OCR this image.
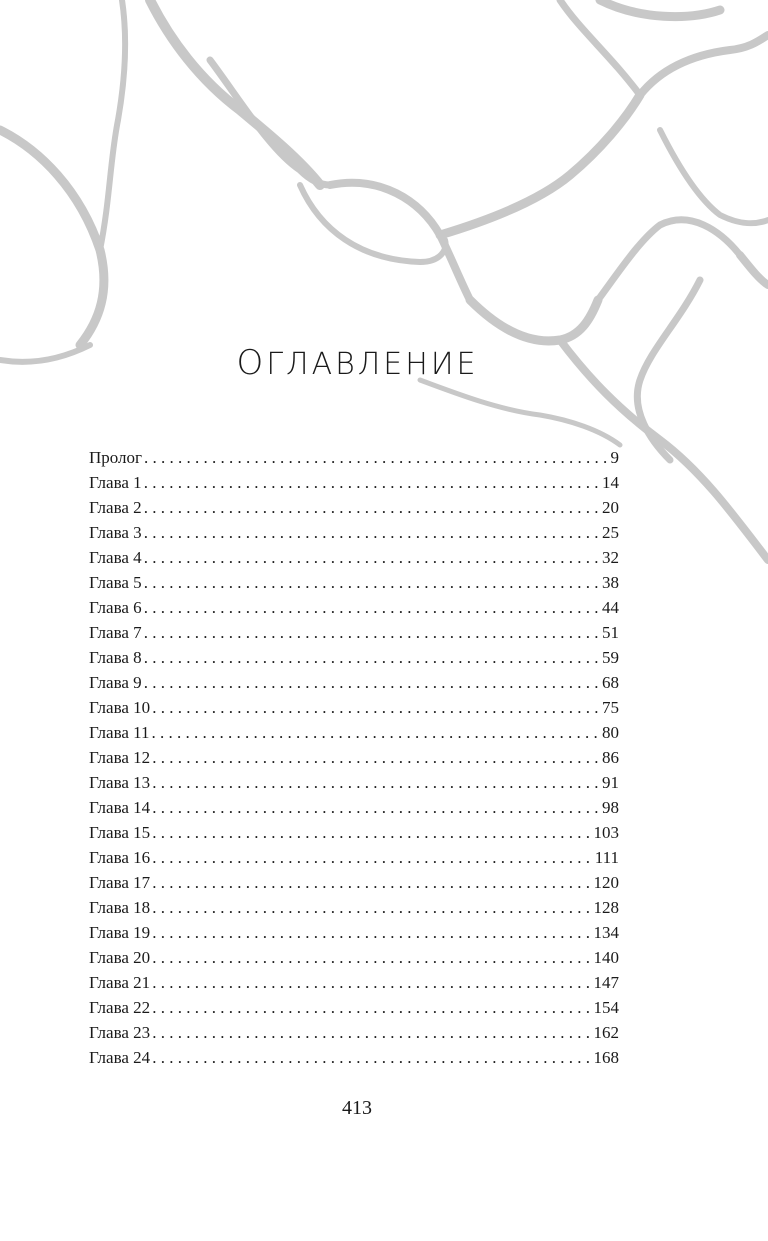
ОГЛАВЛЕНИЕ
Пролог . . .	9
Глава 1 . . .	14
Глава 2 . . .	20
Глава 3 . . .	25
Глава 4 . . .	32
Глава 5 . . .	38
Глава 6 . . .	44
Глава 7 . . .	51
Глава 8 . . .	59
Глава 9 . . .	68
Глава 10 . . .	75
Глава 11 . . .	80
Глава 12 . . .	86
Глава 13 . . .	91
Глава 14 . . .	98
Глава 15 . . .	103
Глава 16 . . .	111
Глава 17 . . .	120
Глава 18 . . .	128
Глава 19 . . .	134
Глава 20 . . .	140
Глава 21 . . .	147
Глава 22 . . .	154
Глава 23 . . .	162
Глава 24 . . .	168
413
